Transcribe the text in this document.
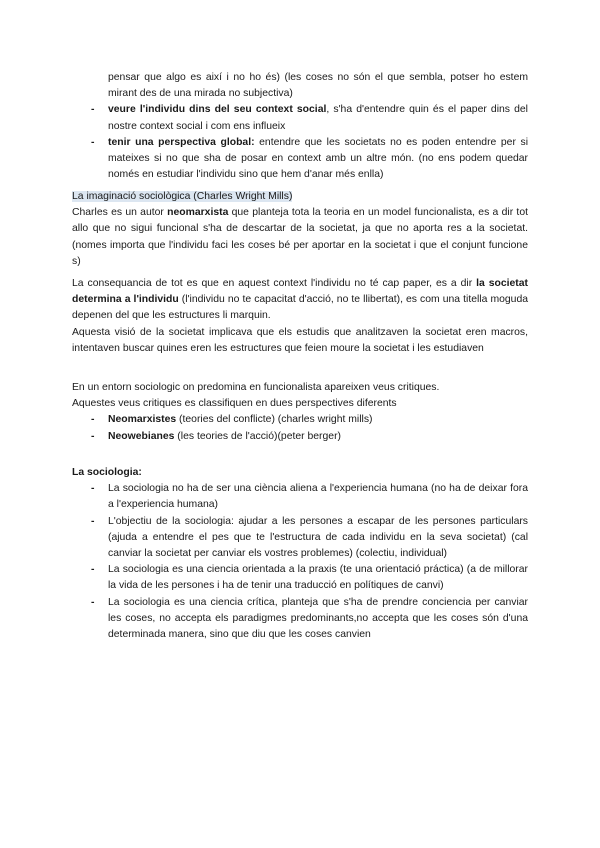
pensar que algo es així i no ho és) (les coses no són el que sembla, potser ho estem mirant des de una mirada no subjectiva)
- veure l'individu dins del seu context social, s'ha d'entendre quin és el paper dins del nostre context social i com ens influeix
- tenir una perspectiva global: entendre que les societats no es poden entendre per si mateixes si no que sha de posar en context amb un altre món. (no ens podem quedar només en estudiar l'individu sino que hem d'anar més enlla)

La imaginació sociològica (Charles Wright Mills)

Charles es un autor neomarxista que planteja tota la teoria en un model funcionalista, es a dir tot allo que no sigui funcional s'ha de descartar de la societat, ja que no aporta res a la societat. (nomes importa que l'individu faci les coses bé per aportar en la societat i que el conjunt funcione s)

La consequancia de tot es que en aquest context l'individu no té cap paper, es a dir la societat determina a l'individu (l'individu no te capacitat d'acció, no te llibertat), es com una titella moguda depenen del que les estructures li marquin.

Aquesta visió de la societat implicava que els estudis que analitzaven la societat eren macros, intentaven buscar quines eren les estructures que feien moure la societat i les estudiaven

En un entorn sociologic on predomina en funcionalista apareixen veus critiques.

Aquestes veus critiques es classifiquen en dues perspectives diferents

- Neomarxistes (teories del conflicte) (charles wright mills)
- Neowebianes (les teories de l'acció)(peter berger)

La sociologia:

- La sociologia no ha de ser una ciència aliena a l'experiencia humana (no ha de deixar fora a l'experiencia humana)
- L'objectiu de la sociologia: ajudar a les persones a escapar de les persones particulars (ajuda a entendre el pes que te l'estructura de cada individu en la seva societat) (cal canviar la societat per canviar els vostres problemes) (colectiu, individual)
- La sociologia es una ciencia orientada a la praxis (te una orientació práctica) (a de millorar la vida de les persones i ha de tenir una traducció en polítiques de canvi)
- La sociologia es una ciencia crítica, planteja que s'ha de prendre conciencia per canviar les coses, no accepta els paradigmes predominants,no accepta que les coses són d'una determinada manera, sino que diu que les coses canvien
